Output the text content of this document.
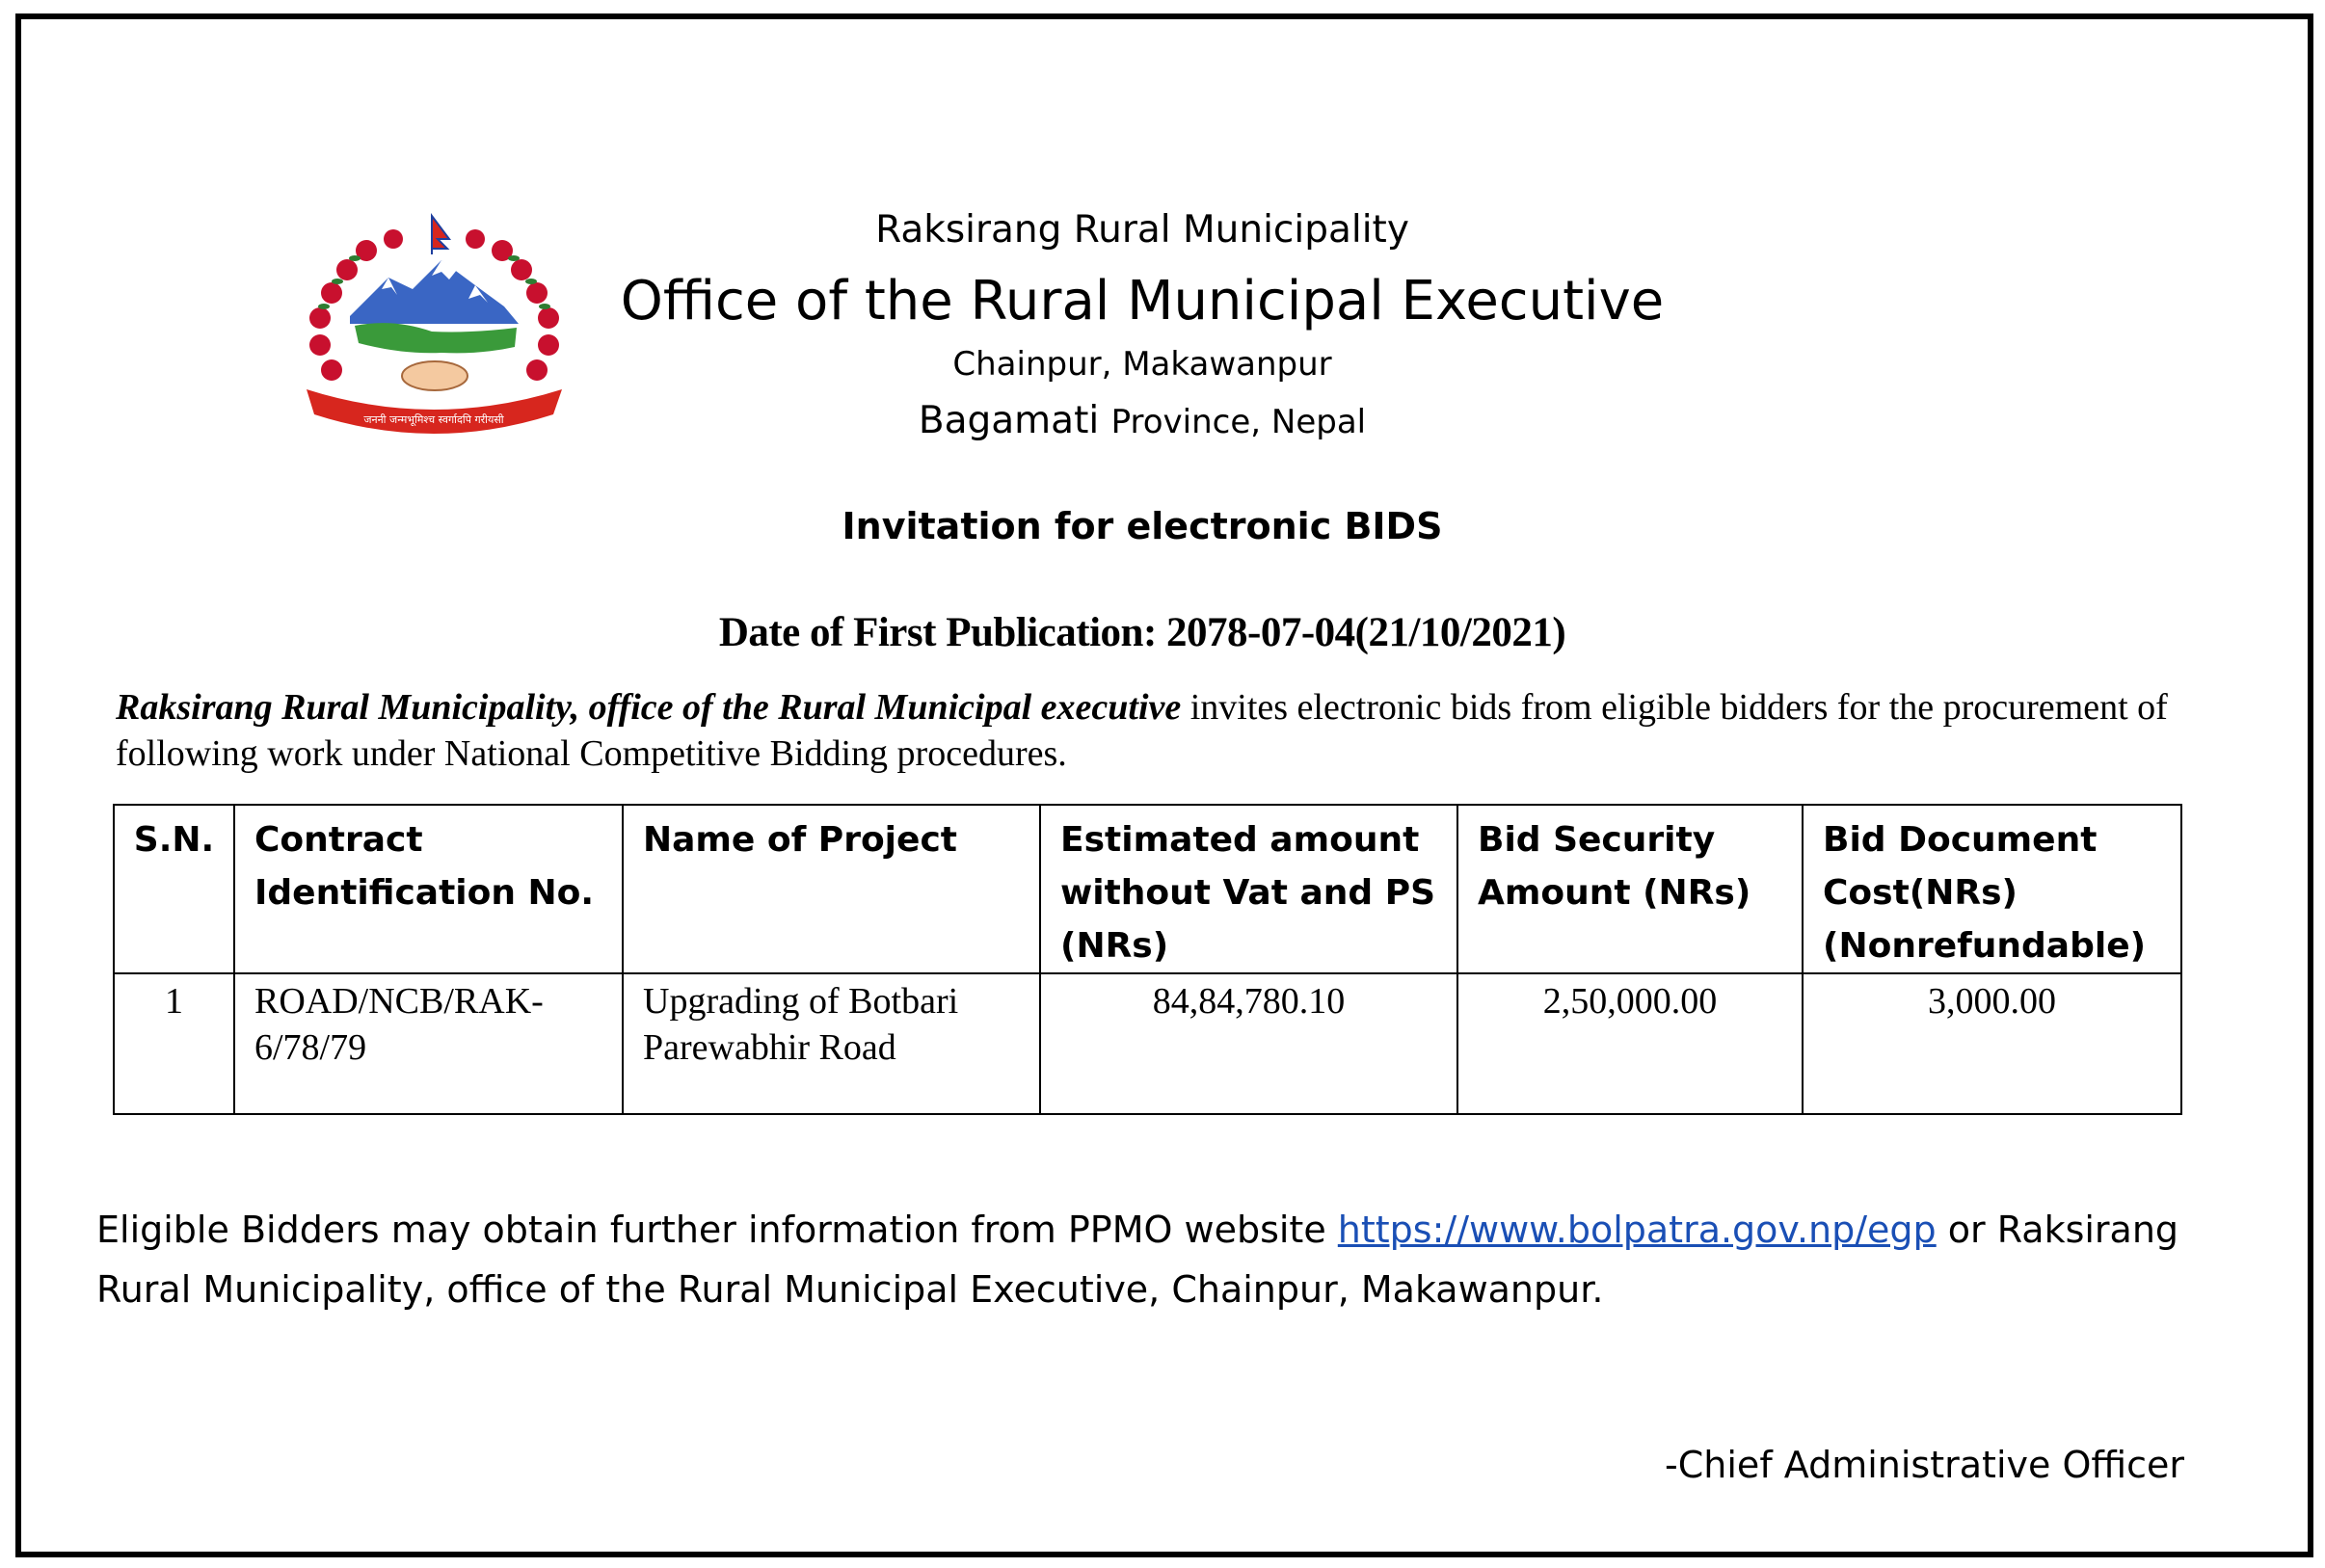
जननी जन्मभूमिश्च स्वर्गादपि गरीयसी
Raksirang Rural Municipality
Office of the Rural Municipal Executive
Chainpur, Makawanpur
Bagamati Province, Nepal
Invitation for electronic BIDS
Date of First Publication: 2078-07-04(21/10/2021)
Raksirang Rural Municipality, office of the Rural Municipal executive invites electronic bids from eligible bidders for the procurement of following work under National Competitive Bidding procedures.
S.N.	Contract Identification No.	Name of Project	Estimated amount without Vat and PS (NRs)	Bid Security Amount (NRs)	Bid Document Cost(NRs) (Nonrefundable)
1	ROAD/NCB/RAK-6/78/79	Upgrading of Botbari Parewabhir Road	84,84,780.10	2,50,000.00	3,000.00
Eligible Bidders may obtain further information from PPMO website https://www.bolpatra.gov.np/egp or Raksirang Rural Municipality, office of the Rural Municipal Executive, Chainpur, Makawanpur.
-Chief Administrative Officer
